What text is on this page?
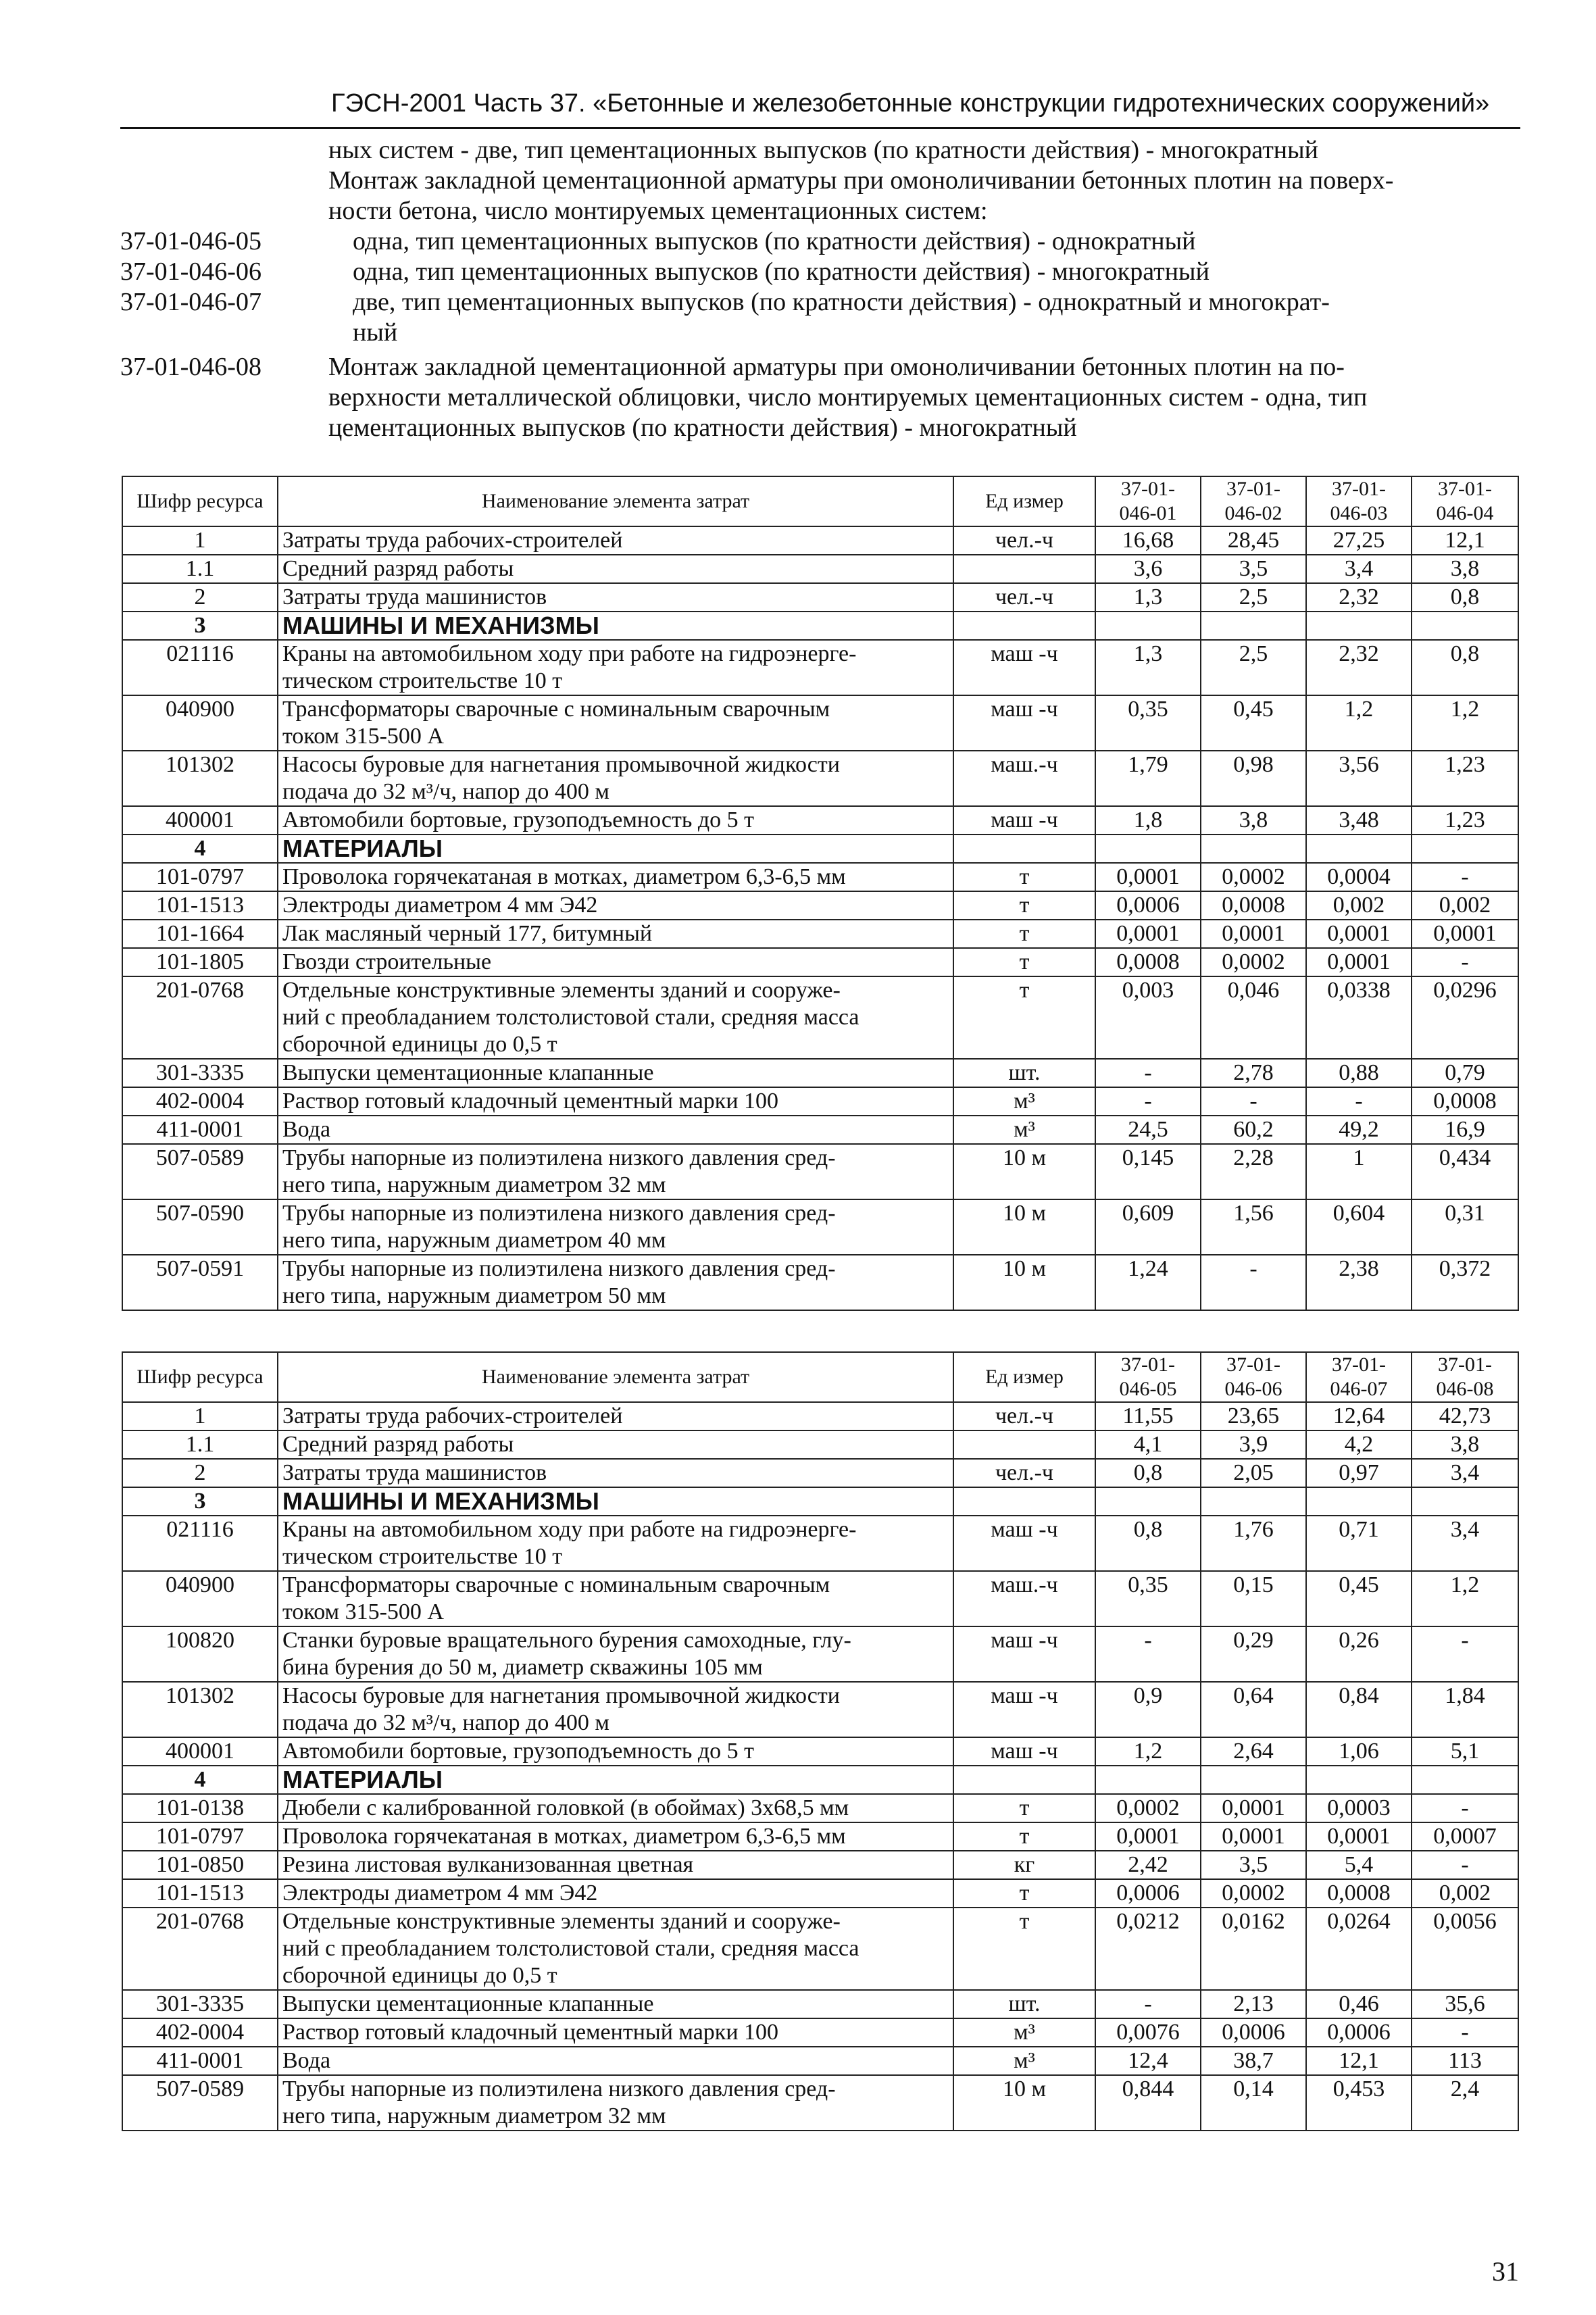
ГЭСН-2001 Часть 37. «Бетонные и железобетонные конструкции гидротехнических сооружений»
ных систем - две, тип цементационных выпусков (по кратности действия) - многократный
Монтаж закладной цементационной арматуры при омоноличивании бетонных плотин на поверх-
ности бетона, число монтируемых цементационных систем:
37-01-046-05	одна, тип цементационных выпусков (по кратности действия) - однократный
37-01-046-06	одна, тип цементационных выпусков (по кратности действия) - многократный
37-01-046-07	две, тип цементационных выпусков (по кратности действия) - однократный и многократ-
ный
37-01-046-08	Монтаж закладной цементационной арматуры при омоноличивании бетонных плотин на по-
верхности металлической облицовки, число монтируемых цементационных систем - одна, тип
цементационных выпусков (по кратности действия) - многократный
Шифр ресурса	Наименование элемента затрат	Ед измер	37-01-
046-01	37-01-
046-02	37-01-
046-03	37-01-
046-04
1	Затраты труда рабочих-строителей	чел.-ч	16,68	28,45	27,25	12,1
1.1	Средний разряд работы		3,6	3,5	3,4	3,8
2	Затраты труда машинистов	чел.-ч	1,3	2,5	2,32	0,8
3	МАШИНЫ И МЕХАНИЗМЫ					
021116	Краны на автомобильном ходу при работе на гидроэнерге-
тическом строительстве 10 т	маш -ч	1,3	2,5	2,32	0,8
040900	Трансформаторы сварочные с номинальным сварочным
током 315-500 А	маш -ч	0,35	0,45	1,2	1,2
101302	Насосы буровые для нагнетания промывочной жидкости
подача до 32 м³/ч, напор до 400 м	маш.-ч	1,79	0,98	3,56	1,23
400001	Автомобили бортовые, грузоподъемность до 5 т	маш -ч	1,8	3,8	3,48	1,23
4	МАТЕРИАЛЫ					
101-0797	Проволока горячекатаная в мотках, диаметром 6,3-6,5 мм	т	0,0001	0,0002	0,0004	-
101-1513	Электроды диаметром 4 мм Э42	т	0,0006	0,0008	0,002	0,002
101-1664	Лак масляный черный 177, битумный	т	0,0001	0,0001	0,0001	0,0001
101-1805	Гвозди строительные	т	0,0008	0,0002	0,0001	-
201-0768	Отдельные конструктивные элементы зданий и сооруже-
ний с преобладанием толстолистовой стали, средняя масса
сборочной единицы до 0,5 т	т	0,003	0,046	0,0338	0,0296
301-3335	Выпуски цементационные клапанные	шт.	-	2,78	0,88	0,79
402-0004	Раствор готовый кладочный цементный марки 100	м³	-	-	-	0,0008
411-0001	Вода	м³	24,5	60,2	49,2	16,9
507-0589	Трубы напорные из полиэтилена низкого давления сред-
него типа, наружным диаметром 32 мм	10 м	0,145	2,28	1	0,434
507-0590	Трубы напорные из полиэтилена низкого давления сред-
него типа, наружным диаметром 40 мм	10 м	0,609	1,56	0,604	0,31
507-0591	Трубы напорные из полиэтилена низкого давления сред-
него типа, наружным диаметром 50 мм	10 м	1,24	-	2,38	0,372
Шифр ресурса	Наименование элемента затрат	Ед измер	37-01-
046-05	37-01-
046-06	37-01-
046-07	37-01-
046-08
1	Затраты труда рабочих-строителей	чел.-ч	11,55	23,65	12,64	42,73
1.1	Средний разряд работы		4,1	3,9	4,2	3,8
2	Затраты труда машинистов	чел.-ч	0,8	2,05	0,97	3,4
3	МАШИНЫ И МЕХАНИЗМЫ					
021116	Краны на автомобильном ходу при работе на гидроэнерге-
тическом строительстве 10 т	маш -ч	0,8	1,76	0,71	3,4
040900	Трансформаторы сварочные с номинальным сварочным
током 315-500 А	маш.-ч	0,35	0,15	0,45	1,2
100820	Станки буровые вращательного бурения самоходные, глу-
бина бурения до 50 м, диаметр скважины 105 мм	маш -ч	-	0,29	0,26	-
101302	Насосы буровые для нагнетания промывочной жидкости
подача до 32 м³/ч, напор до 400 м	маш -ч	0,9	0,64	0,84	1,84
400001	Автомобили бортовые, грузоподъемность до 5 т	маш -ч	1,2	2,64	1,06	5,1
4	МАТЕРИАЛЫ					
101-0138	Дюбели с калиброванной головкой (в обоймах) 3х68,5 мм	т	0,0002	0,0001	0,0003	-
101-0797	Проволока горячекатаная в мотках, диаметром 6,3-6,5 мм	т	0,0001	0,0001	0,0001	0,0007
101-0850	Резина листовая вулканизованная цветная	кг	2,42	3,5	5,4	-
101-1513	Электроды диаметром 4 мм Э42	т	0,0006	0,0002	0,0008	0,002
201-0768	Отдельные конструктивные элементы зданий и сооруже-
ний с преобладанием толстолистовой стали, средняя масса
сборочной единицы до 0,5 т	т	0,0212	0,0162	0,0264	0,0056
301-3335	Выпуски цементационные клапанные	шт.	-	2,13	0,46	35,6
402-0004	Раствор готовый кладочный цементный марки 100	м³	0,0076	0,0006	0,0006	-
411-0001	Вода	м³	12,4	38,7	12,1	113
507-0589	Трубы напорные из полиэтилена низкого давления сред-
него типа, наружным диаметром 32 мм	10 м	0,844	0,14	0,453	2,4
31
